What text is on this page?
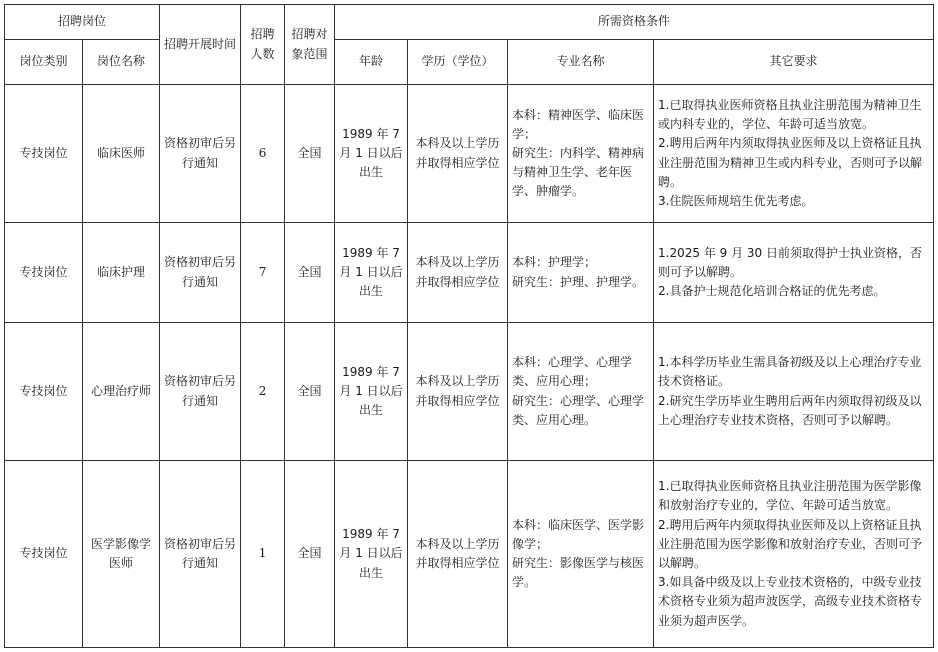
招聘岗位		招聘开展时间	招聘人数	招聘对象范围	所需资格条件			
岗位类别	岗位名称				年龄	学历（学位）	专业名称	其它要求
专技岗位	临床医师	资格初审后另行通知	6	全国	1989 年 7 月 1 日以后出生	本科及以上学历并取得相应学位	本科：精神医学、临床医学；
研究生：内科学、精神病与精神卫生学、老年医学、肿瘤学。	1.已取得执业医师资格且执业注册范围为精神卫生或内科专业的，学位、年龄可适当放宽。
2.聘用后两年内须取得执业医师及以上资格证且执业注册范围为精神卫生或内科专业，否则可予以解聘。
3.住院医师规培生优先考虑。

专技岗位	临床护理	资格初审后另行通知	7	全国	1989 年 7 月 1 日以后出生	本科及以上学历并取得相应学位	本科：护理学；
研究生：护理、护理学。	1.2025 年 9 月 30 日前须取得护士执业资格，否则可予以解聘。
2.具备护士规范化培训合格证的优先考虑。

专技岗位	心理治疗师	资格初审后另行通知	2	全国	1989 年 7 月 1 日以后出生	本科及以上学历并取得相应学位	本科：心理学、心理学类、应用心理；
研究生：心理学、心理学类、应用心理。	1.本科学历毕业生需具备初级及以上心理治疗专业技术资格证。
2.研究生学历毕业生聘用后两年内须取得初级及以上心理治疗专业技术资格，否则可予以解聘。

专技岗位	医学影像学医师	资格初审后另行通知	1	全国	1989 年 7 月 1 日以后出生	本科及以上学历并取得相应学位	本科：临床医学、医学影像学；
研究生：影像医学与核医学。	1.已取得执业医师资格且执业注册范围为医学影像和放射治疗专业的，学位、年龄可适当放宽。
2.聘用后两年内须取得执业医师及以上资格证且执业注册范围为医学影像和放射治疗专业，否则可予以解聘。
3.如具备中级及以上专业技术资格的，中级专业技术资格专业须为超声波医学，高级专业技术资格专业须为超声医学。
